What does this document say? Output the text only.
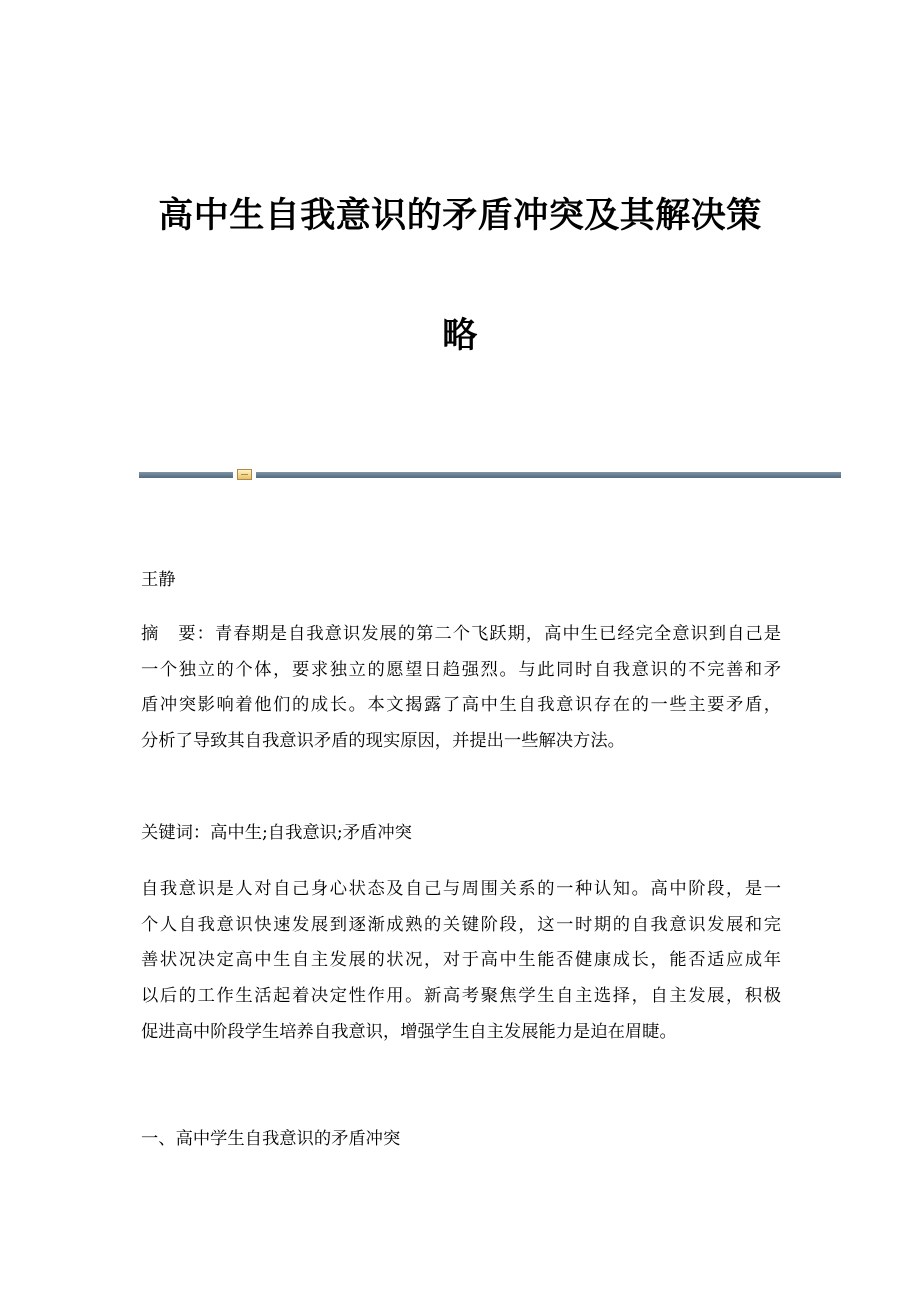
高中生自我意识的矛盾冲突及其解决策
略
王静
摘 要：青春期是自我意识发展的第二个飞跃期，高中生已经完全意识到自己是
一个独立的个体，要求独立的愿望日趋强烈。与此同时自我意识的不完善和矛
盾冲突影响着他们的成长。本文揭露了高中生自我意识存在的一些主要矛盾，
分析了导致其自我意识矛盾的现实原因，并提出一些解决方法。
关键词：高中生;自我意识;矛盾冲突
自我意识是人对自己身心状态及自己与周围关系的一种认知。高中阶段，是一
个人自我意识快速发展到逐渐成熟的关键阶段，这一时期的自我意识发展和完
善状况决定高中生自主发展的状况，对于高中生能否健康成长，能否适应成年
以后的工作生活起着决定性作用。新高考聚焦学生自主选择，自主发展，积极
促进高中阶段学生培养自我意识，增强学生自主发展能力是迫在眉睫。
一、高中学生自我意识的矛盾冲突
